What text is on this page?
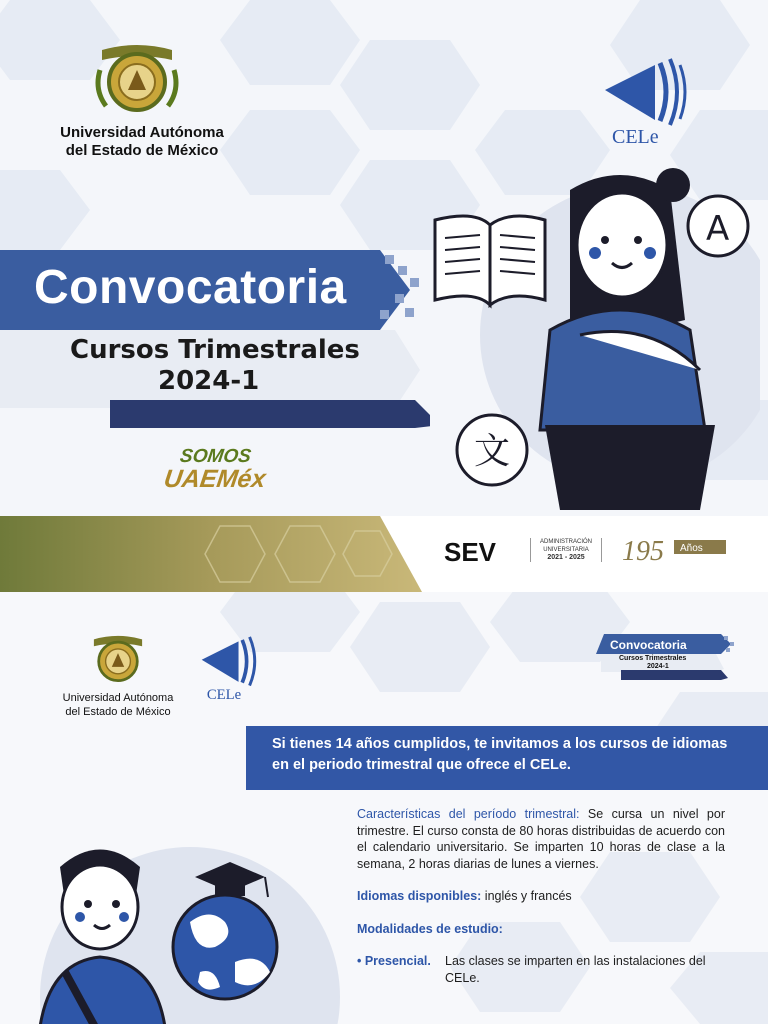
Universidad Autónoma
del Estado de México
CELe
Convocatoria
Cursos Trimestrales
2024-1
SOMOS
UAEMéx
A
文
SEV	ADMINISTRACIÓN UNIVERSITARIA
2021 - 2025	195 Años
Universidad Autónoma
del Estado de México
CELe
Convocatoria
Cursos Trimestrales
2024-1

Si tienes 14 años cumplidos, te invitamos a los cursos de idiomas en el periodo trimestral que ofrece el CELe.

Características del período trimestral: Se cursa un nivel por trimestre. El curso consta de 80 horas distribuidas de acuerdo con el calendario universitario. Se imparten 10 horas de clase a la semana, 2 horas diarias de lunes a viernes.

Idiomas disponibles: inglés y francés

Modalidades de estudio:

• Presencial.	Las clases se imparten en las instalaciones del CELe.
